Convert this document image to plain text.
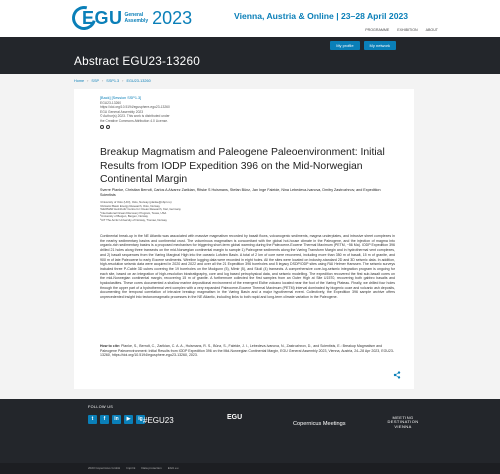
EGU General
Assembly 2023	Vienna, Austria & Online | 23–28 April 2023
PROGRAMME EXHIBITION ABOUT
My profile	My network
Abstract EGU23-13260
Home › SSP › SSP1.3 › EGU23-13260
[Back] [Session SSP1.3]
EGU23-13260
https://doi.org/10.5194/egusphere-egu23-13260
EGU General Assembly 2023
© Author(s) 2023. This work is distributed under
the Creative Commons Attribution 4.0 License.
Breakup Magmatism and Paleogene Paleoenvironment: Initial Results from IODP Expedition 396 on the Mid-Norwegian Continental Margin
Sverre Planke, Christian Berndt, Carlos A Alvarez Zarikian, Ritske S Huismans, Stefan Bünz, Jan Inge Faleide, Nina Lebedeva-Ivanova, Dmitry Zastrozhnov, and Expedition Scientists
¹University of Oslo (UiO), Oslo, Norway (planke@vbpr.no)
²Volcanic Basin Energy Research, Oslo, Norway
³GEOMAR Helmholtz Centre for Ocean Research, Kiel, Germany
⁴International Ocean Discovery Program, Texas, USA
⁵University of Bergen, Bergen, Norway
⁶UiT The Arctic University of Norway, Tromsø, Norway
Continental break-up in the NE Atlantic was associated with massive magmatism recorded by basalt flows, volcanogenic sediments, magma underplates, and intrusive sheet complexes in the nearby sedimentary basins and continental crust. The voluminous magmatism is concomitant with the global hot-house climate in the Paleogene, and the injection of magma into organic-rich sedimentary basins is a proposed mechanism for triggering short-term global warming during the Paleocene-Eocene Thermal Maximum (PETM, ~56 Ma). IODP Expedition 396 drilled 21 holes along three transects on the mid-Norwegian continental margin to sample 1) Paleogene sediments along the Vøring Transform Margin and in hydrothermal vent complexes, and 2) basalt sequences from the Vøring Marginal High into the oceanic Lofoten Basin. A total of 2 km of core were recovered, including more than 350 m of basalt, 15 m of granite, and 900 m of late Paleocene to early Eocene sediments. Wireline logging data were recorded in eight holes. All the sites were located on industry-standard 2D and 3D seismic data. In addition, high-resolution seismic data were acquired in 2020 and 2022 and over all the 21 Expedition 396 boreholes and 5 legacy DSDP/ODP sites using RAI Helmer Hanssen. The seismic surveys included three P-Cable 3D cubes covering the 19 boreholes on the Modgunn (5), Mimir (5), and Skoll (4) transects. A comprehensive core-log-seismic integration program is ongoing for each site, based on an integration of high-resolution biostratigraphy, core and log based petrophysical data, and seismic modelling. The expedition recovered the first sub-basalt cores on the mid-Norwegian continental margin, recovering 15 m of granite. A furthermore collected the first samples from an Outer High at Site U1570, recovering both gabbro basalts and hyaloclastites. These cores documented a shallow marine depositional environment of the emergent Eldhe volcano located near the foot of the Vøring Plateau. Finally, we drilled four holes through the upper part of a hydrothermal vent complex with a very expanded Paleocene-Eocene Thermal Maximum (PETM) interval dominated by biogenic ooze and volcanic ash deposits, documenting the temporal correlation of intrusive breakup magmatism in the Vøring Basin and a major hypothermal event. Collectively, the Expedition 396 sample archive offers unprecedented insight into tectonomagmatic processes in the NE Atlantic, including links to both rapid and long-term climate variation in the Paleogene.
How to cite: Planke, S., Berndt, C., Zarikian, C. A. A., Huismans, R. S., Bünz, S., Faleide, J. I., Lebedeva-Ivanova, N., Zastrozhnov, D., and Scientists, E.: Breakup Magmatism and Paleogene Paleoenvironment: Initial Results from IODP Expedition 396 on the Mid-Norwegian Continental Margin, EGU General Assembly 2023, Vienna, Austria, 24–28 Apr 2023, EGU23-13260, https://doi.org/10.5194/egusphere-egu23-13260, 2023.
FOLLOW US
t	f	in	▶	ig #EGU23	EGU
Copernicus Meetings
MEETING DESTINATION VIENNA
2023 Copernicus GmbH Imprint Data protection EGU.eu
